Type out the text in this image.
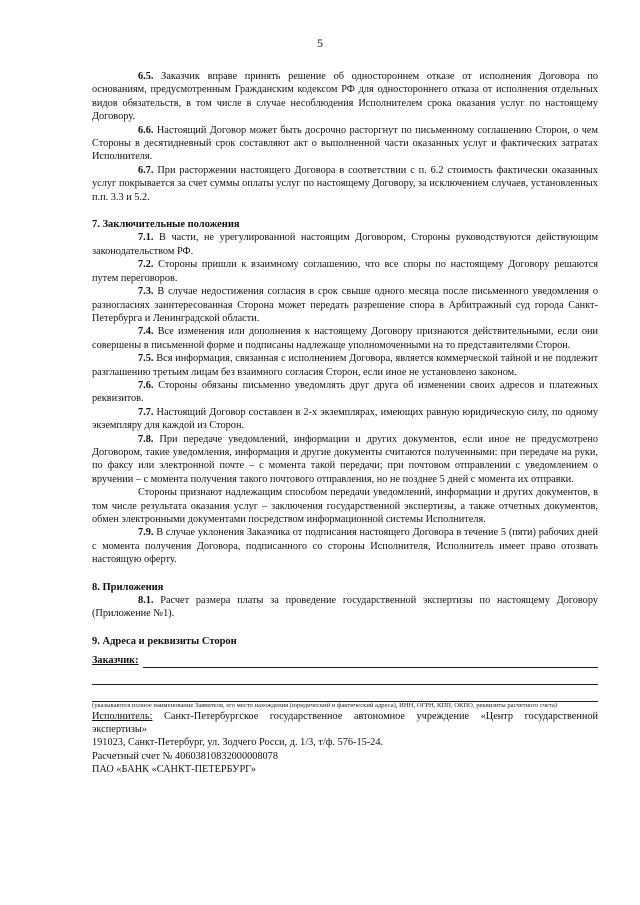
5

6.5. Заказчик вправе принять решение об одностороннем отказе от исполнения Договора по основаниям, предусмотренным Гражданским кодексом РФ для одностороннего отказа от исполнения отдельных видов обязательств, в том числе в случае несоблюдения Исполнителем срока оказания услуг по настоящему Договору.

6.6. Настоящий Договор может быть досрочно расторгнут по письменному соглашению Сторон, о чем Стороны в десятидневный срок составляют акт о выполненной части оказанных услуг и фактических затратах Исполнителя.

6.7. При расторжении настоящего Договора в соответствии с п. 6.2 стоимость фактически оказанных услуг покрывается за счет суммы оплаты услуг по настоящему Договору, за исключением случаев, установленных п.п. 3.3 и 5.2.

7. Заключительные положения

7.1. В части, не урегулированной настоящим Договором, Стороны руководствуются действующим законодательством РФ.

7.2. Стороны пришли к взаимному соглашению, что все споры по настоящему Договору решаются путем переговоров.

7.3. В случае недостижения согласия в срок свыше одного месяца после письменного уведомления о разногласиях заинтересованная Сторона может передать разрешение спора в Арбитражный суд города Санкт-Петербурга и Ленинградской области.

7.4. Все изменения или дополнения к настоящему Договору признаются действительными, если они совершены в письменной форме и подписаны надлежаще уполномоченными на то представителями Сторон.

7.5. Вся информация, связанная с исполнением Договора, является коммерческой тайной и не подлежит разглашению третьим лицам без взаимного согласия Сторон, если иное не установлено законом.

7.6. Стороны обязаны письменно уведомлять друг друга об изменении своих адресов и платежных реквизитов.

7.7. Настоящий Договор составлен в 2-х экземплярах, имеющих равную юридическую силу, по одному экземпляру для каждой из Сторон.

7.8. При передаче уведомлений, информации и других документов, если иное не предусмотрено Договором, такие уведомления, информация и другие документы считаются полученными: при передаче на руки, по факсу или электронной почте – с момента такой передачи; при почтовом отправлении с уведомлением о вручении – с момента получения такого почтового отправления, но не позднее 5 дней с момента их отправки.

Стороны признают надлежащим способом передачи уведомлений, информации и других документов, в том числе результата оказания услуг – заключения государственной экспертизы, а также отчетных документов, обмен электронными документами посредством информационной системы Исполнителя.

7.9. В случае уклонения Заказчика от подписания настоящего Договора в течение 5 (пяти) рабочих дней с момента получения Договора, подписанного со стороны Исполнителя, Исполнитель имеет право отозвать настоящую оферту.

8. Приложения

8.1. Расчет размера платы за проведение государственной экспертизы по настоящему Договору (Приложение №1).

9. Адреса и реквизиты Сторон

Заказчик:

(указываются полное наименование Заявителя, его место нахождения (юридический и фактический адреса), ИНН, ОГРН, КПП, ОКПО, реквизиты расчетного счета)

Исполнитель: Санкт-Петербургское государственное автономное учреждение «Центр государственной экспертизы»

191023, Санкт-Петербург, ул. Зодчего Росси, д. 1/3, т/ф. 576-15-24.

Расчетный счет № 40603810832000008078

ПАО «БАНК «САНКТ-ПЕТЕРБУРГ»
